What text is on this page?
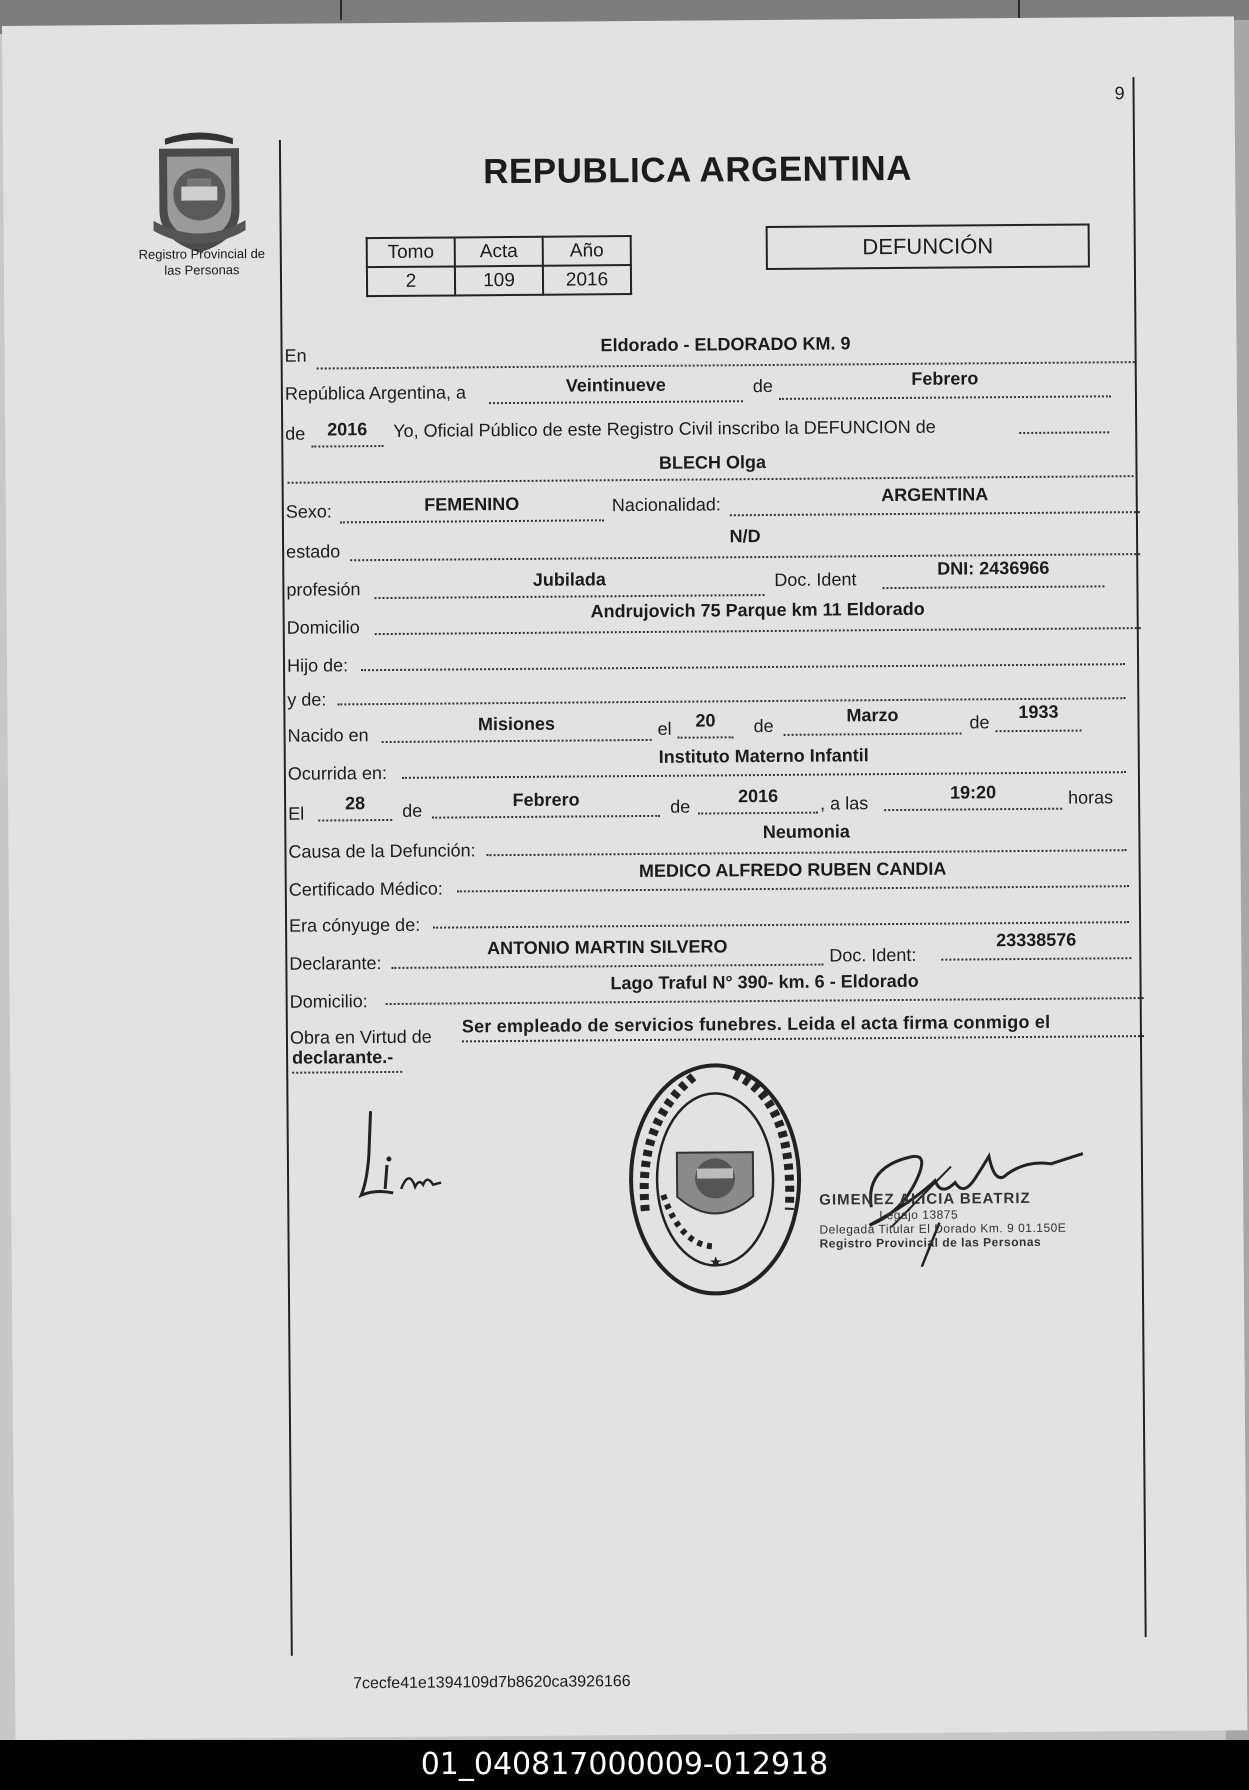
9
Registro Provincial de
las Personas
REPUBLICA ARGENTINA
Tomo	Acta	Año
2	109	2016
DEFUNCIÓN
En
Eldorado - ELDORADO KM. 9
República Argentina, a	Veintinueve	de	Febrero
de	2016	Yo, Oficial Público de este Registro Civil inscribo la DEFUNCION de
BLECH Olga
Sexo:	FEMENINO	Nacionalidad:	ARGENTINA
estado
N/D
profesión	Jubilada	Doc. Ident
DNI: 2436966
Domicilio
Andrujovich 75 Parque km 11 Eldorado
Hijo de:
y de:
Nacido en
Misiones	el	20	de
Marzo	de
1933
Ocurrida en:
Instituto Materno Infantil
El
28	de
Febrero	de
2016	, a las
19:20	horas
Causa de la Defunción:
Neumonia
Certificado Médico:
MEDICO ALFREDO RUBEN CANDIA
Era cónyuge de:
Declarante:
ANTONIO MARTIN SILVERO	Doc. Ident:
23338576
Domicilio:
Lago Traful N° 390- km. 6 - Eldorado
Obra en Virtud de
Ser empleado de servicios funebres. Leida el acta firma conmigo el
declarante.-
GIMENEZ ALICIA BEATRIZ
Legajo 13875
Delegada Titular El Dorado Km. 9 01.150E
Registro Provincial de las Personas
7cecfe41e1394109d7b8620ca3926166
01_040817000009-012918
